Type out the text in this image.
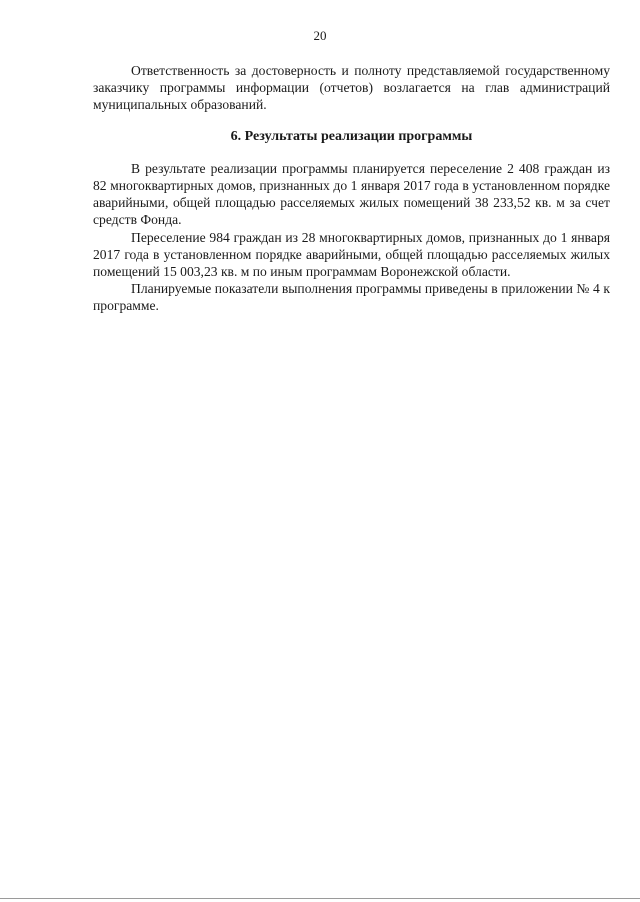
20

Ответственность за достоверность и полноту представляемой государственному заказчику программы информации (отчетов) возлагается на глав администраций муниципальных образований.

6. Результаты реализации программы

В результате реализации программы планируется переселение 2 408 граждан из 82 многоквартирных домов, признанных до 1 января 2017 года в установленном порядке аварийными, общей площадью расселяемых жилых помещений 38 233,52 кв. м за счет средств Фонда.

Переселение 984 граждан из 28 многоквартирных домов, признанных до 1 января 2017 года в установленном порядке аварийными, общей площадью расселяемых жилых помещений 15 003,23 кв. м по иным программам Воронежской области.

Планируемые показатели выполнения программы приведены в приложении № 4 к программе.
